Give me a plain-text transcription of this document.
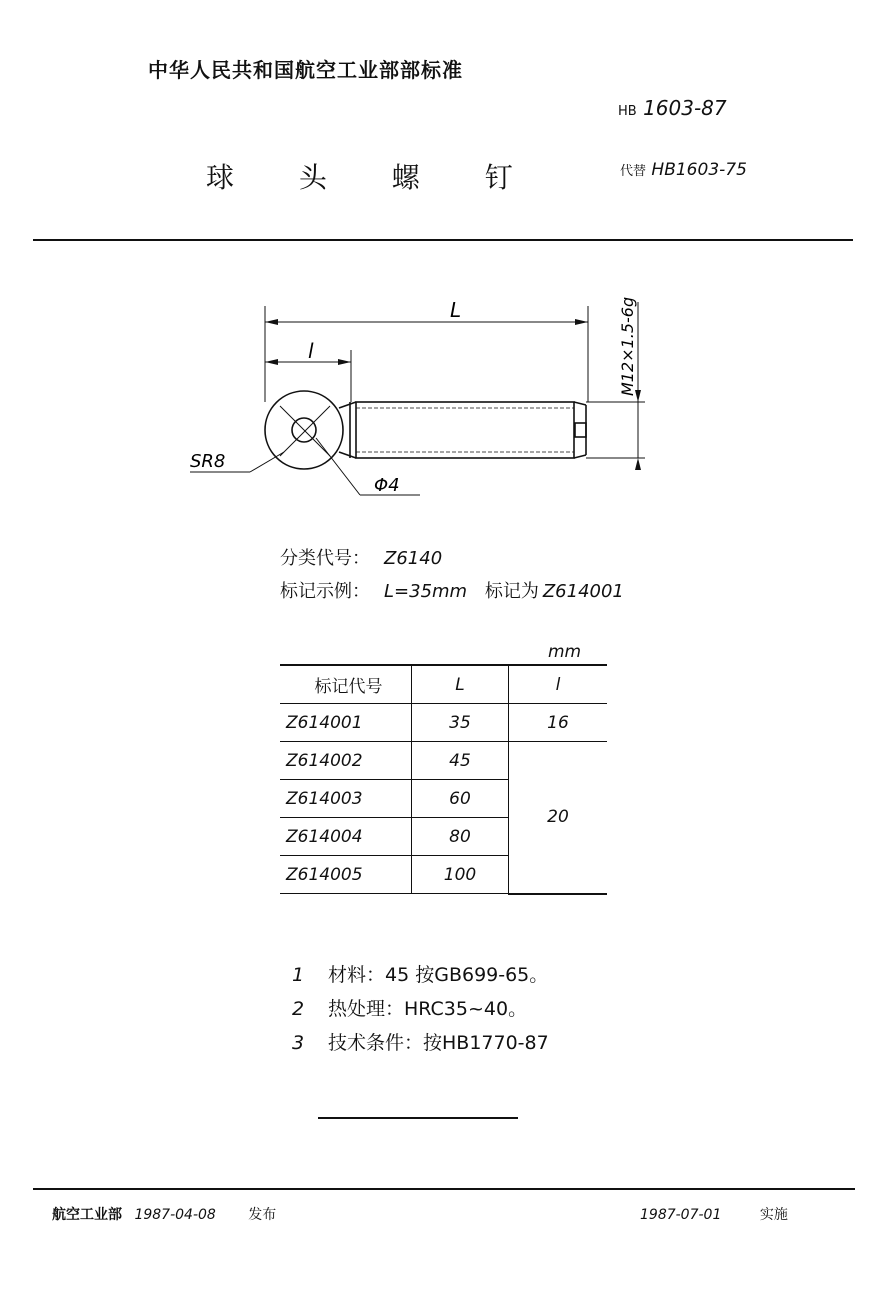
中华人民共和国航空工业部部标准
HB 1603-87
球 头 螺 钉	代替 HB1603-75
L
l
SR8
Φ4
M12×1.5-6g
分类代号： Z6140
标记示例： L=35mm 标记为 Z614001
mm
标记代号	L	l
Z614001	35	16
Z614002	45	20
Z614003	60	
Z614004	80	
Z614005	100	
1 材料：45 按GB699-65。
2 热处理：HRC35~40。
3 技术条件：按HB1770-87
航空工业部 1987-04-08 发布	1987-07-01	实施
